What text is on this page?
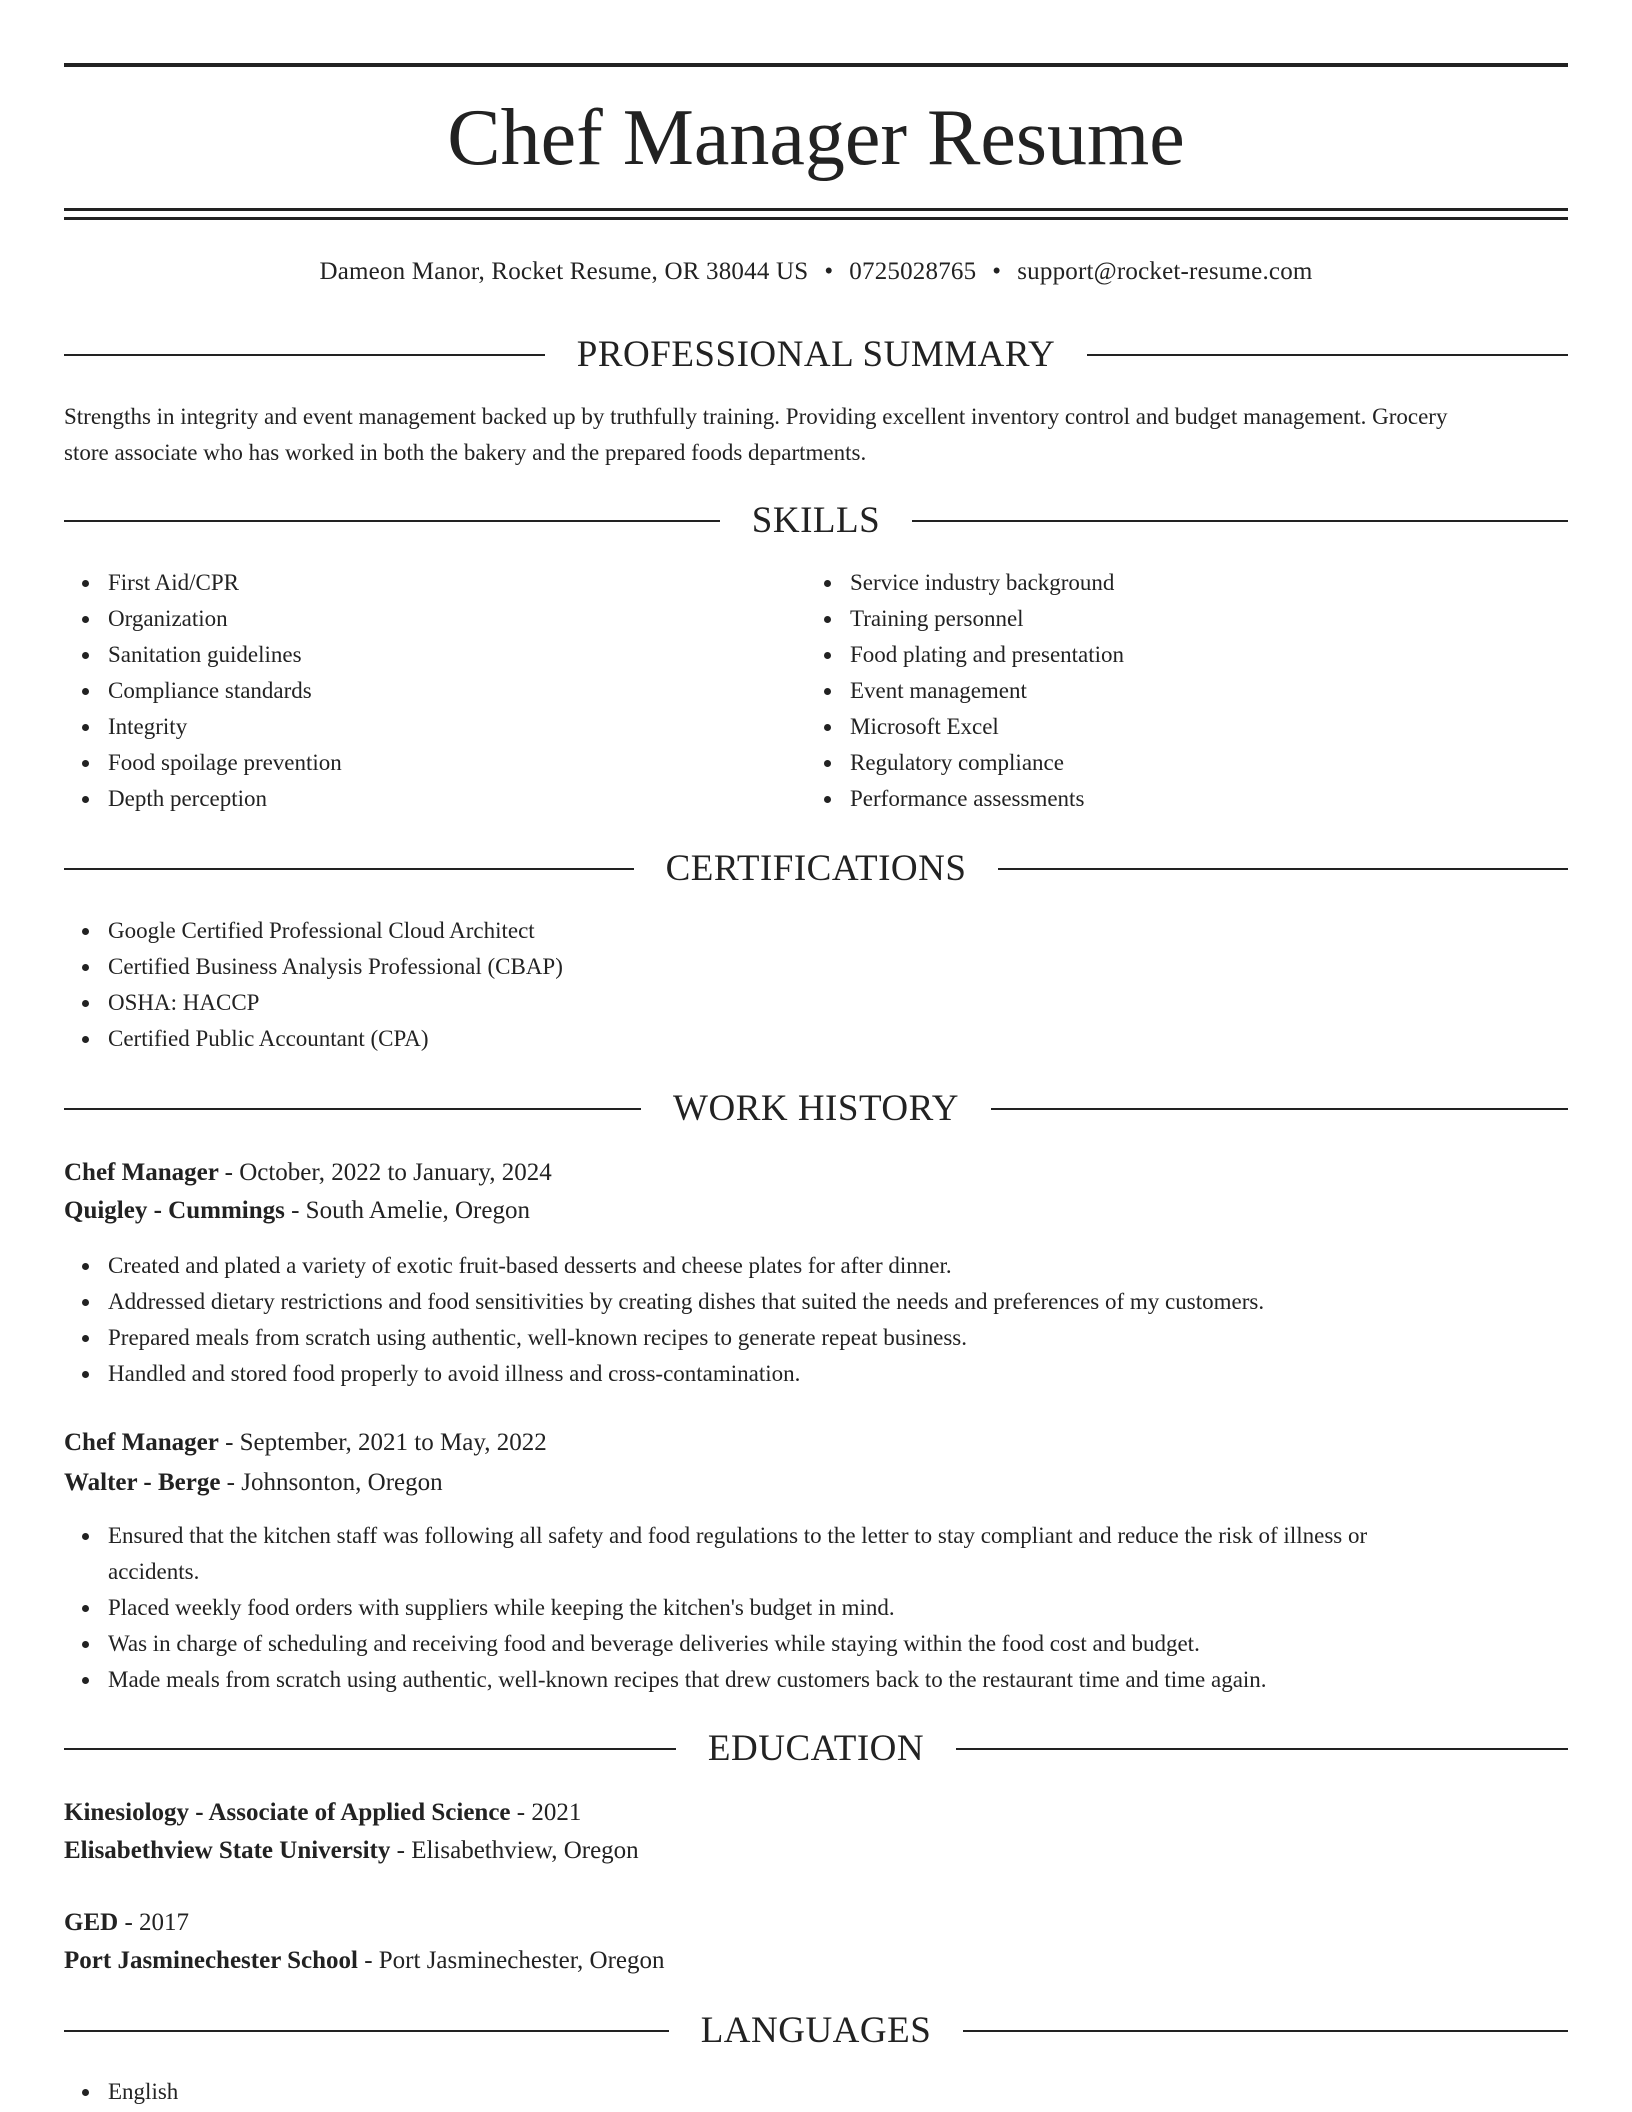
Chef Manager Resume
Dameon Manor, Rocket Resume, OR 38044 US • 0725028765 • support@rocket-resume.com
PROFESSIONAL SUMMARY

Strengths in integrity and event management backed up by truthfully training. Providing excellent inventory control and budget management. Grocery

store associate who has worked in both the bakery and the prepared foods departments.

SKILLS
First Aid/CPR
Organization
Sanitation guidelines
Compliance standards
Integrity
Food spoilage prevention
Depth perception
Service industry background
Training personnel
Food plating and presentation
Event management
Microsoft Excel
Regulatory compliance
Performance assessments
CERTIFICATIONS
Google Certified Professional Cloud Architect
Certified Business Analysis Professional (CBAP)
OSHA: HACCP
Certified Public Accountant (CPA)
WORK HISTORY
Chef Manager - October, 2022 to January, 2024
Quigley - Cummings - South Amelie, Oregon
Created and plated a variety of exotic fruit-based desserts and cheese plates for after dinner.
Addressed dietary restrictions and food sensitivities by creating dishes that suited the needs and preferences of my customers.
Prepared meals from scratch using authentic, well-known recipes to generate repeat business.
Handled and stored food properly to avoid illness and cross-contamination.
Chef Manager - September, 2021 to May, 2022
Walter - Berge - Johnsonton, Oregon
Ensured that the kitchen staff was following all safety and food regulations to the letter to stay compliant and reduce the risk of illness or
accidents.
Placed weekly food orders with suppliers while keeping the kitchen's budget in mind.
Was in charge of scheduling and receiving food and beverage deliveries while staying within the food cost and budget.
Made meals from scratch using authentic, well-known recipes that drew customers back to the restaurant time and time again.
EDUCATION
Kinesiology - Associate of Applied Science - 2021
Elisabethview State University - Elisabethview, Oregon
GED - 2017
Port Jasminechester School - Port Jasminechester, Oregon
LANGUAGES
English
